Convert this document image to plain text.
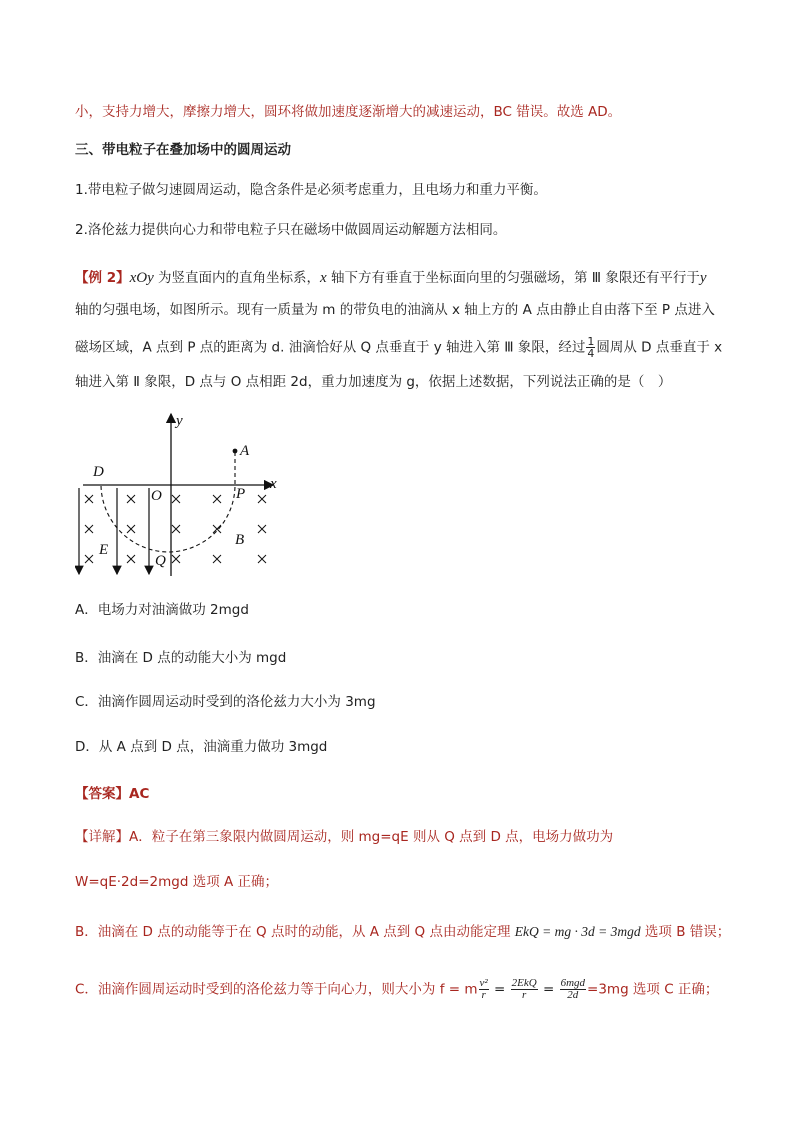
小，支持力增大，摩擦力增大，圆环将做加速度逐渐增大的减速运动，BC 错误。故选 AD。
三、带电粒子在叠加场中的圆周运动
1.带电粒子做匀速圆周运动，隐含条件是必须考虑重力，且电场力和重力平衡。
2.洛伦兹力提供向心力和带电粒子只在磁场中做圆周运动解题方法相同。
【例 2】xOy 为竖直面内的直角坐标系，x 轴下方有垂直于坐标面向里的匀强磁场，第 Ⅲ 象限还有平行于y
轴的匀强电场，如图所示。现有一质量为 m 的带负电的油滴从 x 轴上方的 A 点由静止自由落下至 P 点进入
磁场区域，A 点到 P 点的距离为 d. 油滴恰好从 Q 点垂直于 y 轴进入第 Ⅲ 象限，经过 $\frac{1}{4}$ 圆周从 D 点垂直于 x
轴进入第 Ⅱ 象限，D 点与 O 点相距 2d，重力加速度为 g，依据上述数据，下列说法正确的是（　）
y
x
A
D
O	P
E
Q
B
A．电场力对油滴做功 2mgd
B．油滴在 D 点的动能大小为 mgd
C．油滴作圆周运动时受到的洛伦兹力大小为 3mg
D．从 A 点到 D 点，油滴重力做功 3mgd
【答案】AC
【详解】A．粒子在第三象限内做圆周运动，则 mg=qE 则从 Q 点到 D 点，电场力做功为
W=qE·2d=2mgd 选项 A 正确；
B．油滴在 D 点的动能等于在 Q 点时的动能，从 A 点到 Q 点由动能定理 EkQ = mg · 3d = 3mgd 选项 B 错误；
C．油滴作圆周运动时受到的洛伦兹力等于向心力，则大小为 f = m $\frac{\text{v²}}{r} = \frac{\text{2EkQ}}{r} = \frac{\text{6mgd}}{2d} =3mg$ 选项 C 正确；
